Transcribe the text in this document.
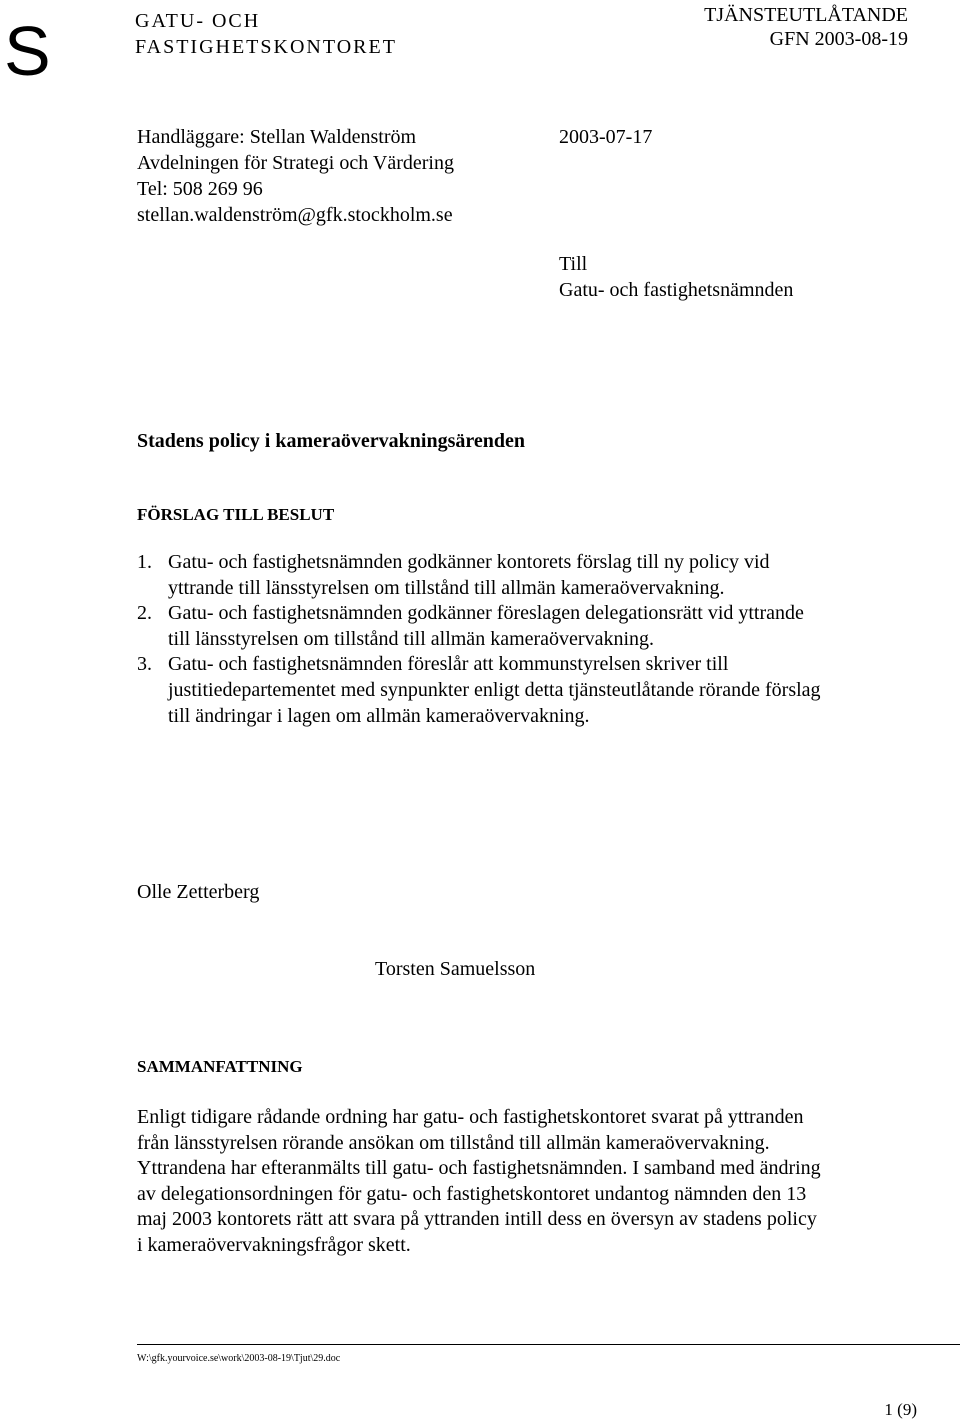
S	GATU- OCH
FASTIGHETSKONTORET
TJÄNSTEUTLÅTANDE
GFN 2003-08-19
Handläggare: Stellan Waldenström
Avdelningen för Strategi och Värdering
Tel: 508 269 96
stellan.waldenström@gfk.stockholm.se
2003-07-17
Till
Gatu- och fastighetsnämnden
Stadens policy i kameraövervakningsärenden
FÖRSLAG TILL BESLUT
1. Gatu- och fastighetsnämnden godkänner kontorets förslag till ny policy vid yttrande till länsstyrelsen om tillstånd till allmän kameraövervakning.
2. Gatu- och fastighetsnämnden godkänner föreslagen delegationsrätt vid yttrande till länsstyrelsen om tillstånd till allmän kameraövervakning.
3. Gatu- och fastighetsnämnden föreslår att kommunstyrelsen skriver till justitiedepartementet med synpunkter enligt detta tjänsteutlåtande rörande förslag till ändringar i lagen om allmän kameraövervakning.
Olle Zetterberg
Torsten Samuelsson
SAMMANFATTNING
Enligt tidigare rådande ordning har gatu- och fastighetskontoret svarat på yttranden från länsstyrelsen rörande ansökan om tillstånd till allmän kameraövervakning. Yttrandena har efteranmälts till gatu- och fastighetsnämnden. I samband med ändring av delegationsordningen för gatu- och fastighetskontoret undantog nämnden den 13 maj 2003 kontorets rätt att svara på yttranden intill dess en översyn av stadens policy i kameraövervakningsfrågor skett.
W:\gfk.yourvoice.se\work\2003-08-19\Tjut\29.doc
1 (9)
